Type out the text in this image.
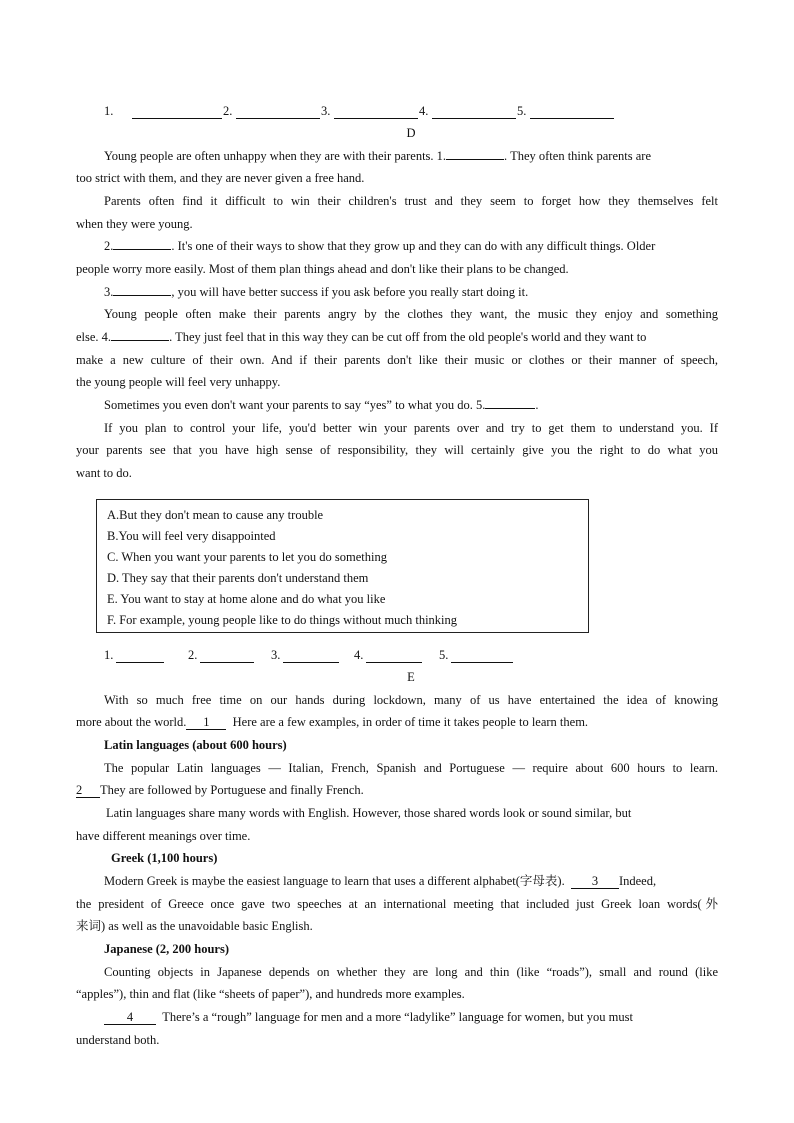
1.	2.	3.	4.	5.
D
Young people are often unhappy when they are with their parents. 1.	. They often think parents are
too strict with them, and they are never given a free hand.
Parents often find it difficult to win their children's trust and they seem to forget how they themselves felt
when they were young.
2.	. It's one of their ways to show that they grow up and they can do with any difficult things. Older
people worry more easily. Most of them plan things ahead and don't like their plans to be changed.
3.	, you will have better success if you ask before you really start doing it.
Young people often make their parents angry by the clothes they want, the music they enjoy and something
else. 4.	. They just feel that in this way they can be cut off from the old people's world and they want to
make a new culture of their own. And if their parents don't like their music or clothes or their manner of speech,
the young people will feel very unhappy.
Sometimes you even don't want your parents to say “yes” to what you do. 5.	.
If you plan to control your life, you'd better win your parents over and try to get them to understand you. If
your parents see that you have high sense of responsibility, they will certainly give you the right to do what you
want to do.
A.But they don't mean to cause any trouble
B.You will feel very disappointed
C. When you want your parents to let you do something
D. They say that their parents don't understand them
E. You want to stay at home alone and do what you like
F. For example, young people like to do things without much thinking
1.	2.	3.	4.	5.
E
With so much free time on our hands during lockdown, many of us have entertained the idea of knowing
more about the world. 1 Here are a few examples, in order of time it takes people to learn them.
Latin languages (about 600 hours)
The popular Latin languages — Italian, French, Spanish and Portuguese — require about 600 hours to learn.
2 They are followed by Portuguese and finally French.
Latin languages share many words with English. However, those shared words look or sound similar, but
have different meanings over time.
Greek (1,100 hours)
Modern Greek is maybe the easiest language to learn that uses a different alphabet(字母表). 3 Indeed,
the president of Greece once gave two speeches at an international meeting that included just Greek loan words(外
来词) as well as the unavoidable basic English.
Japanese (2, 200 hours)
Counting objects in Japanese depends on whether they are long and thin (like “roads”), small and round (like
“apples”), thin and flat (like “sheets of paper”), and hundreds more examples.
4 There’s a “rough” language for men and a more “ladylike” language for women, but you must
understand both.
